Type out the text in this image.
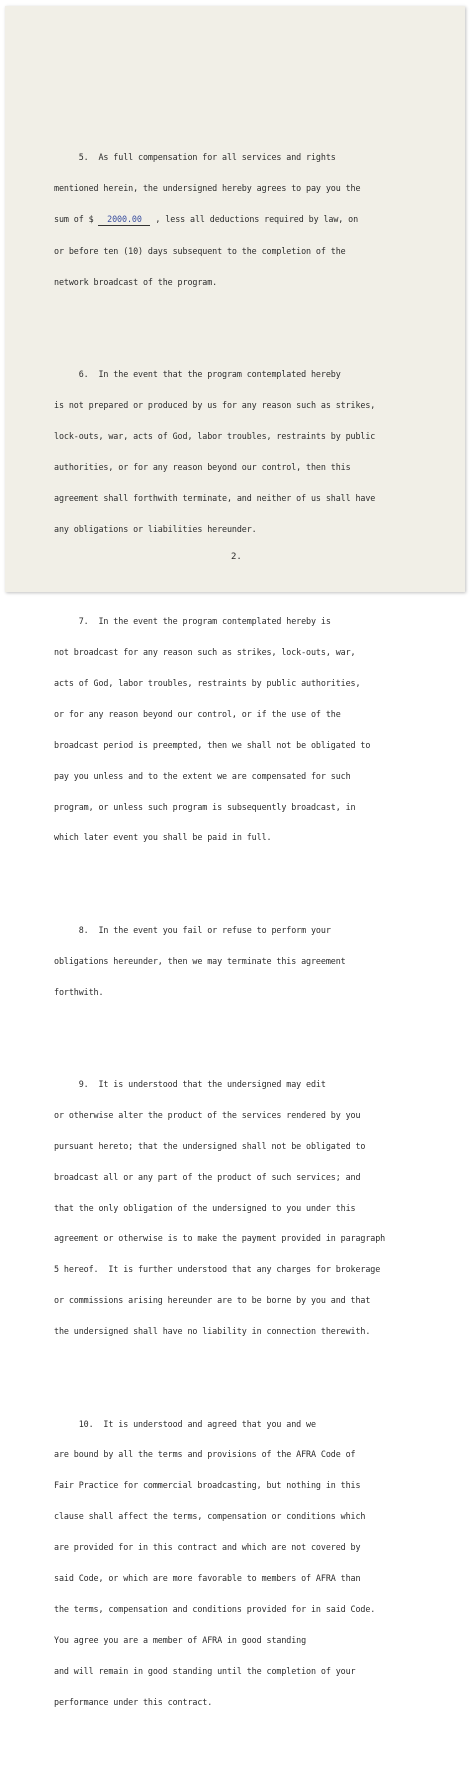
5.  As full compensation for all services and rights

mentioned herein, the undersigned hereby agrees to pay you the

sum of $ 2000.00 , less all deductions required by law, on

or before ten (10) days subsequent to the completion of the

network broadcast of the program.

6.  In the event that the program contemplated hereby

is not prepared or produced by us for any reason such as strikes,

lock-outs, war, acts of God, labor troubles, restraints by public

authorities, or for any reason beyond our control, then this

agreement shall forthwith terminate, and neither of us shall have

any obligations or liabilities hereunder.

7.  In the event the program contemplated hereby is

not broadcast for any reason such as strikes, lock-outs, war,

acts of God, labor troubles, restraints by public authorities,

or for any reason beyond our control, or if the use of the

broadcast period is preempted, then we shall not be obligated to

pay you unless and to the extent we are compensated for such

program, or unless such program is subsequently broadcast, in

which later event you shall be paid in full.

8.  In the event you fail or refuse to perform your

obligations hereunder, then we may terminate this agreement

forthwith.

9.  It is understood that the undersigned may edit

or otherwise alter the product of the services rendered by you

pursuant hereto; that the undersigned shall not be obligated to

broadcast all or any part of the product of such services; and

that the only obligation of the undersigned to you under this

agreement or otherwise is to make the payment provided in paragraph

5 hereof.  It is further understood that any charges for brokerage

or commissions arising hereunder are to be borne by you and that

the undersigned shall have no liability in connection therewith.

10.  It is understood and agreed that you and we

are bound by all the terms and provisions of the AFRA Code of

Fair Practice for commercial broadcasting, but nothing in this

clause shall affect the terms, compensation or conditions which

are provided for in this contract and which are not covered by

said Code, or which are more favorable to members of AFRA than

the terms, compensation and conditions provided for in said Code.

You agree you are a member of AFRA in good standing

and will remain in good standing until the completion of your

performance under this contract.

2.
